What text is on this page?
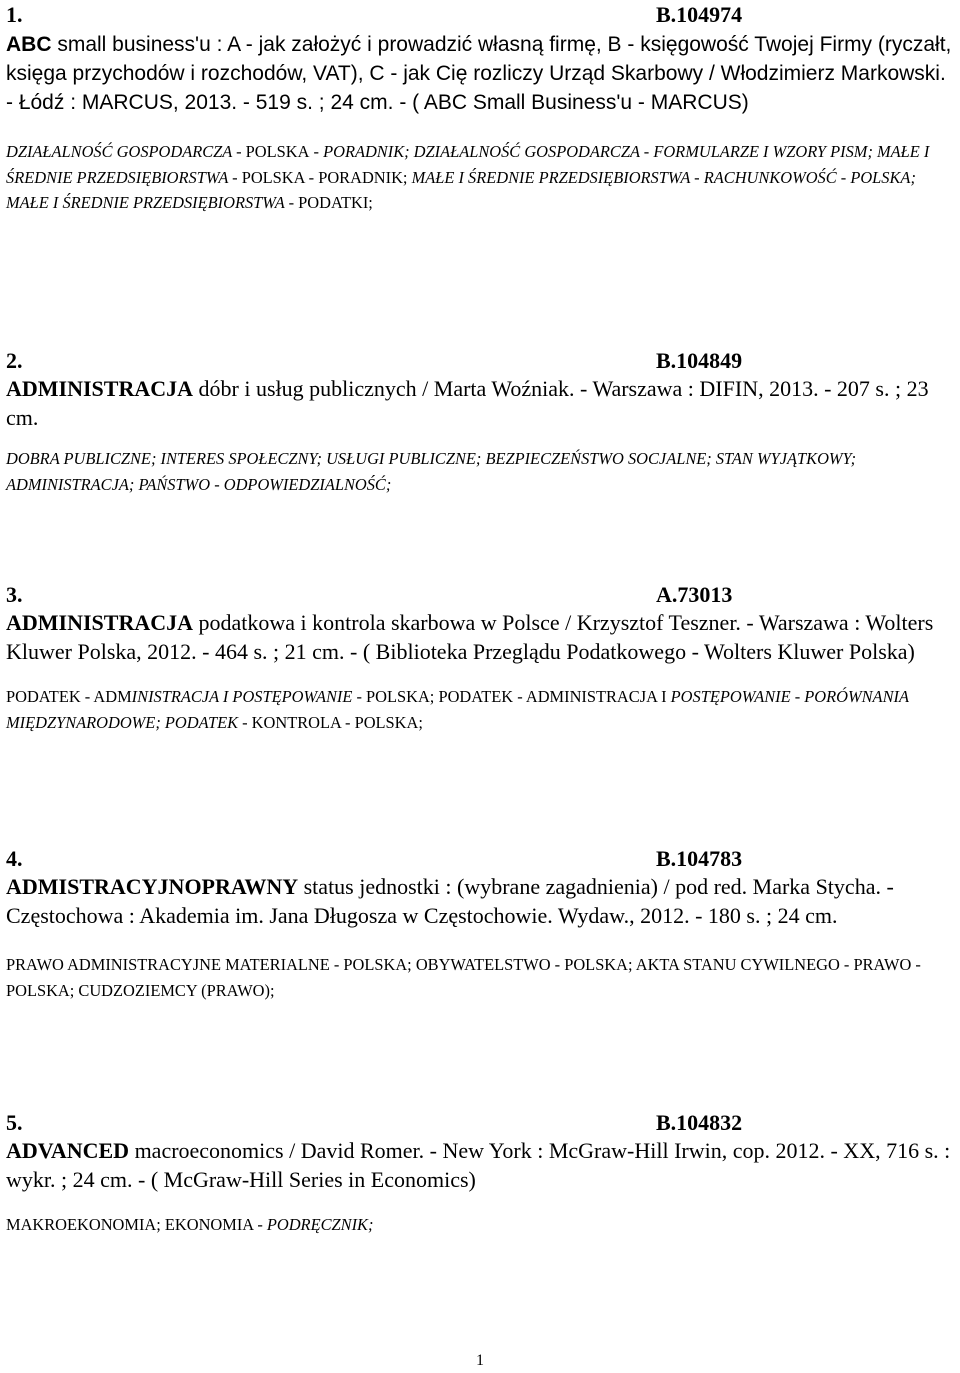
1.	B.104974

ABC small business'u : A - jak założyć i prowadzić własną firmę, B - księgowość Twojej Firmy (ryczałt, księga przychodów i rozchodów, VAT), C - jak Cię rozliczy Urząd Skarbowy / Włodzimierz Markowski. - Łódź : MARCUS, 2013. - 519 s. ; 24 cm. - ( ABC Small Business'u - MARCUS)

DZIAŁALNOŚĆ GOSPODARCZA - POLSKA - PORADNIK; DZIAŁALNOŚĆ GOSPODARCZA - FORMULARZE I WZORY PISM; MAŁE I ŚREDNIE PRZEDSIĘBIORSTWA - POLSKA - PORADNIK; MAŁE I ŚREDNIE PRZEDSIĘBIORSTWA - RACHUNKOWOŚĆ - POLSKA; MAŁE I ŚREDNIE PRZEDSIĘBIORSTWA - PODATKI;

2.	B.104849

ADMINISTRACJA dóbr i usług publicznych / Marta Woźniak. - Warszawa : DIFIN, 2013. - 207 s. ; 23 cm.

DOBRA PUBLICZNE; INTERES SPOŁECZNY; USŁUGI PUBLICZNE; BEZPIECZEŃSTWO SOCJALNE; STAN WYJĄTKOWY; ADMINISTRACJA; PAŃSTWO - ODPOWIEDZIALNOŚĆ;

3.	A.73013

ADMINISTRACJA podatkowa i kontrola skarbowa w Polsce / Krzysztof Teszner. - Warszawa : Wolters Kluwer Polska, 2012. - 464 s. ; 21 cm. - ( Biblioteka Przeglądu Podatkowego - Wolters Kluwer Polska)

PODATEK - ADMINISTRACJA I POSTĘPOWANIE - POLSKA; PODATEK - ADMINISTRACJA I POSTĘPOWANIE - PORÓWNANIA MIĘDZYNARODOWE; PODATEK - KONTROLA - POLSKA;

4.	B.104783

ADMISTRACYJNOPRAWNY status jednostki : (wybrane zagadnienia) / pod red. Marka Stycha. - Częstochowa : Akademia im. Jana Długosza w Częstochowie. Wydaw., 2012. - 180 s. ; 24 cm.

PRAWO ADMINISTRACYJNE MATERIALNE - POLSKA; OBYWATELSTWO - POLSKA; AKTA STANU CYWILNEGO - PRAWO - POLSKA; CUDZOZIEMCY (PRAWO);

5.	B.104832

ADVANCED macroeconomics / David Romer. - New York : McGraw-Hill Irwin, cop. 2012. - XX, 716 s. : wykr. ; 24 cm. - ( McGraw-Hill Series in Economics)

MAKROEKONOMIA; EKONOMIA - PODRĘCZNIK;

1
